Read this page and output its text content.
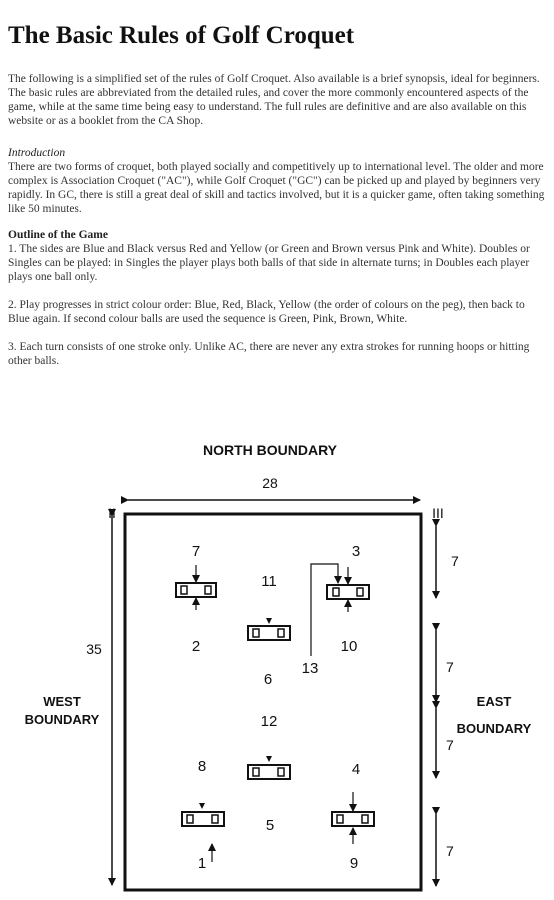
The Basic Rules of Golf Croquet

The following is a simplified set of the rules of Golf Croquet. Also available is a brief synopsis, ideal for beginners. The basic rules are abbreviated from the detailed rules, and cover the more commonly encountered aspects of the game, while at the same time being easy to understand. The full rules are definitive and are also available on this website or as a booklet from the CA Shop.

Introduction

There are two forms of croquet, both played socially and competitively up to international level. The older and more complex is Association Croquet ("AC"), while Golf Croquet ("GC") can be picked up and played by beginners very rapidly. In GC, there is still a great deal of skill and tactics involved, but it is a quicker game, often taking something like 50 minutes.

Outline of the Game

1. The sides are Blue and Black versus Red and Yellow (or Green and Brown versus Pink and White). Doubles or Singles can be played: in Singles the player plays both balls of that side in alternate turns; in Doubles each player plays one ball only.

2. Play progresses in strict colour order: Blue, Red, Black, Yellow (the order of colours on the peg), then back to Blue again. If second colour balls are used the sequence is Green, Pink, Brown, White.

3. Each turn consists of one stroke only. Unlike AC, there are never any extra strokes for running hoops or hitting other balls.

NORTH BOUNDARY
WEST
BOUNDARY
EAST
BOUNDARY
28
35
II	III
7
7
7
7
7	3
11
2	10
13
6
12
8	4
5
1	9
